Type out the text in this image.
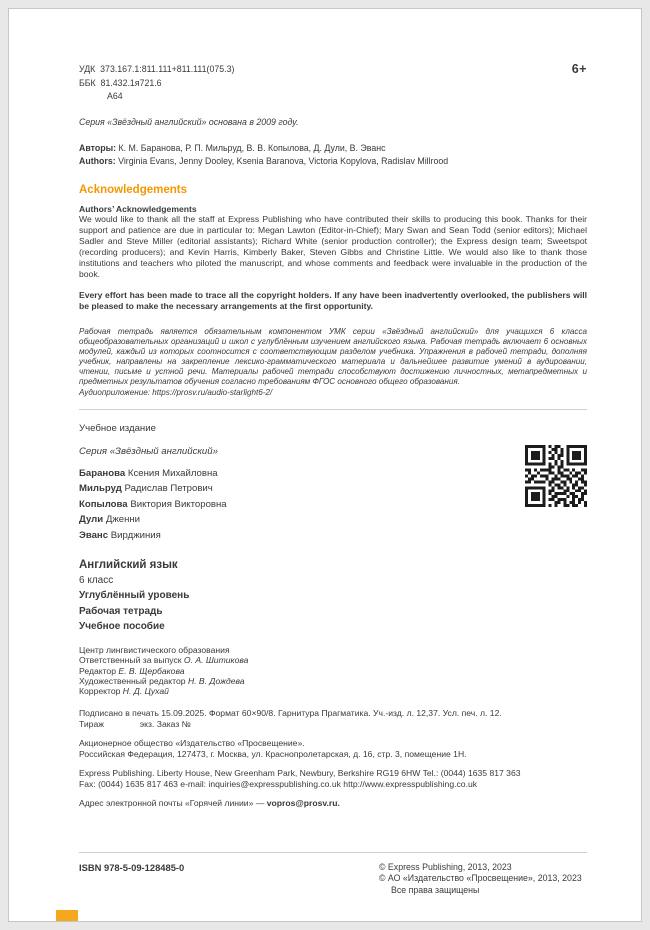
УДК  373.167.1:811.111+811.111(075.3)
ББК  81.432.1я721.6
А64
6+

Серия «Звёздный английский» основана в 2009 году.

Авторы: К. М. Баранова, Р. П. Мильруд, В. В. Копылова, Д. Дули, В. Эванс
Authors: Virginia Evans, Jenny Dooley, Ksenia Baranova, Victoria Kopylova, Radislav Millrood
Acknowledgements
Authors’ Acknowledgements

We would like to thank all the staff at Express Publishing who have contributed their skills to producing this book. Thanks for their support and patience are due in particular to: Megan Lawton (Editor-in-Chief); Mary Swan and Sean Todd (senior editors); Michael Sadler and Steve Miller (editorial assistants); Richard White (senior production controller); the Express design team; Sweetspot (recording producers); and Kevin Harris, Kimberly Baker, Steven Gibbs and Christine Little. We would also like to thank those institutions and teachers who piloted the manuscript, and whose comments and feedback were invaluable in the production of the book.

Every effort has been made to trace all the copyright holders. If any have been inadvertently overlooked, the publishers will be pleased to make the necessary arrangements at the first opportunity.

Рабочая тетрадь является обязательным компонентом УМК серии «Звёздный английский» для учащихся 6 класса общеобразовательных организаций и школ с углублённым изучением английского языка. Рабочая тетрадь включает 6 основных модулей, каждый из которых соотносится с соответствующим разделом учебника. Упражнения в рабочей тетради, дополняя учебник, направлены на закрепление лексико-грамматического материала и дальнейшее развитие умений в аудировании, чтении, письме и устной речи. Материалы рабочей тетради способствуют достижению личностных, метапредметных и предметных результатов обучения согласно требованиям ФГОС основного общего образования.

Аудиоприложение: https://prosv.ru/audio-starlight6-2/

Учебное издание
Серия «Звёздный английский»
Баранова Ксения Михайловна
Мильруд Радислав Петрович
Копылова Виктория Викторовна
Дули Дженни
Эванс Вирджиния
Английский язык
6 класс
Углублённый уровень
Рабочая тетрадь
Учебное пособие
Центр лингвистического образования
Ответственный за выпуск О. А. Шитикова
Редактор Е. В. Щербакова
Художественный редактор Н. В. Дождева
Корректор Н. Д. Цухай
Подписано в печать 15.09.2025. Формат 60×90/8. Гарнитура Прагматика. Уч.-изд. л. 12,37. Усл. печ. л. 12.
Тираж               экз. Заказ №
Акционерное общество «Издательство «Просвещение».
Российская Федерация, 127473, г. Москва, ул. Краснопролетарская, д. 16, стр. 3, помещение 1Н.
Express Publishing. Liberty House, New Greenham Park, Newbury, Berkshire RG19 6HW Tel.: (0044) 1635 817 363
Fax: (0044) 1635 817 463 e-mail: inquiries@expresspublishing.co.uk http://www.expresspublishing.co.uk
Адрес электронной почты «Горячей линии» — vopros@prosv.ru.
ISBN 978-5-09-128485-0	© Express Publishing, 2013, 2023
© АО «Издательство «Просвещение», 2013, 2023
Все права защищены
